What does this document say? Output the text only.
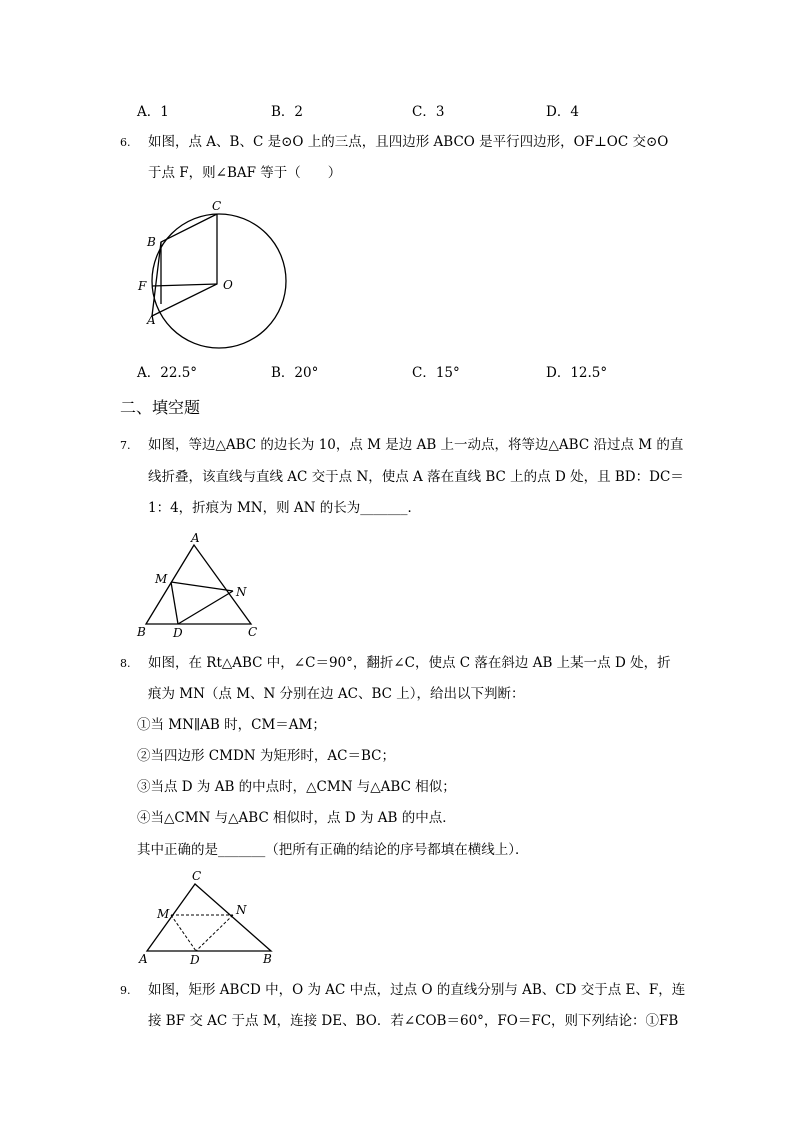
A．1	B．2	C．3	D．4
6. 如图，点 A、B、C 是⊙O 上的三点，且四边形 ABCO 是平行四边形，OF⊥OC 交⊙O
于点 F，则∠BAF 等于（　　）
C
B
F	O
A
A．22.5°	B．20°	C．15°	D．12.5°
二、填空题
7. 如图，等边△ABC 的边长为 10，点 M 是边 AB 上一动点，将等边△ABC 沿过点 M 的直
线折叠，该直线与直线 AC 交于点 N，使点 A 落在直线 BC 上的点 D 处，且 BD：DC＝
1：4，折痕为 MN，则 AN 的长为_______．
A
M
N
B D	C
8. 如图，在 Rt△ABC 中，∠C＝90°，翻折∠C，使点 C 落在斜边 AB 上某一点 D 处，折
痕为 MN（点 M、N 分别在边 AC、BC 上），给出以下判断：
①当 MN∥AB 时，CM＝AM；
②当四边形 CMDN 为矩形时，AC＝BC；
③当点 D 为 AB 的中点时，△CMN 与△ABC 相似；
④当△CMN 与△ABC 相似时，点 D 为 AB 的中点．
其中正确的是_______（把所有正确的结论的序号都填在横线上）．
C
M	N
A	D	B
9. 如图，矩形 ABCD 中，O 为 AC 中点，过点 O 的直线分别与 AB、CD 交于点 E、F，连
接 BF 交 AC 于点 M，连接 DE、BO．若∠COB＝60°，FO＝FC，则下列结论：①FB
